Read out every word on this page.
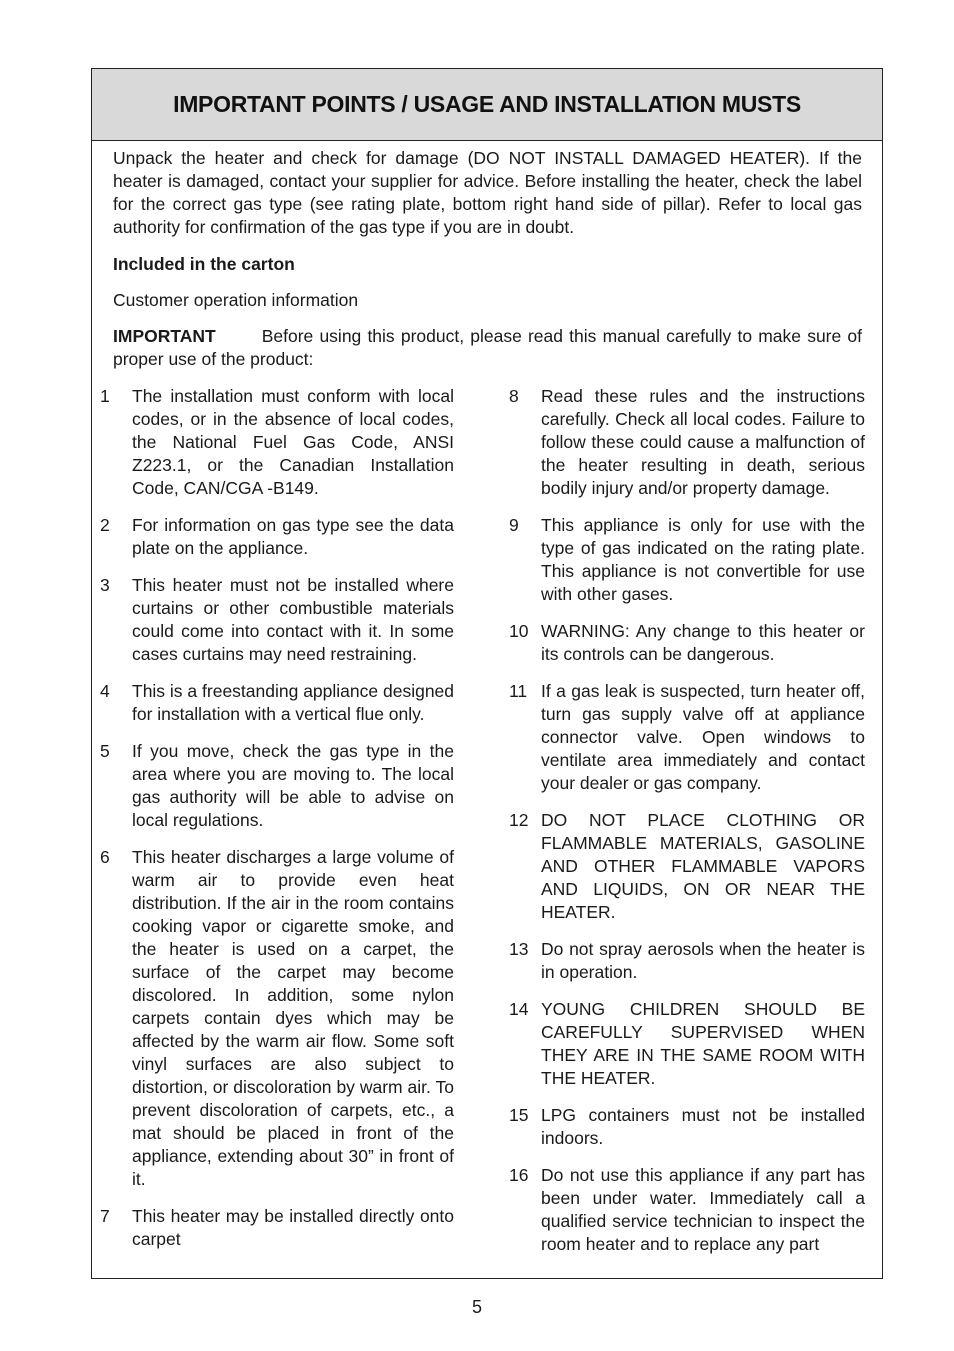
IMPORTANT POINTS / USAGE AND INSTALLATION MUSTS

Unpack the heater and check for damage (DO NOT INSTALL DAMAGED HEATER). If the heater is damaged, contact your supplier for advice. Before installing the heater, check the label for the correct gas type (see rating plate, bottom right hand side of pillar). Refer to local gas authority for confirmation of the gas type if you are in doubt.

Included in the carton

Customer operation information

IMPORTANT	Before using this product, please read this manual carefully to make sure of proper use of the product:

1	The installation must conform with local codes, or in the absence of local codes, the National Fuel Gas Code, ANSI Z223.1, or the Canadian Installation Code, CAN/CGA -B149.
2	For information on gas type see the data plate on the appliance.
3	This heater must not be installed where curtains or other combustible materials could come into contact with it. In some cases curtains may need restraining.
4	This is a freestanding appliance designed for installation with a vertical flue only.
5	If you move, check the gas type in the area where you are moving to. The local gas authority will be able to advise on local regulations.
6	This heater discharges a large volume of warm air to provide even heat distribution. If the air in the room contains cooking vapor or cigarette smoke, and the heater is used on a carpet, the surface of the carpet may become discolored. In addition, some nylon carpets contain dyes which may be affected by the warm air flow. Some soft vinyl surfaces are also subject to distortion, or discoloration by warm air. To prevent discoloration of carpets, etc., a mat should be placed in front of the appliance, extending about 30” in front of it.
7	This heater may be installed directly onto carpet
8	Read these rules and the instructions carefully. Check all local codes. Failure to follow these could cause a malfunction of the heater resulting in death, serious bodily injury and/or property damage.
9	This appliance is only for use with the type of gas indicated on the rating plate. This appliance is not convertible for use with other gases.
10 WARNING: Any change to this heater or its controls can be dangerous.
11 If a gas leak is suspected, turn heater off, turn gas supply valve off at appliance connector valve. Open windows to ventilate area immediately and contact your dealer or gas company.
12 DO NOT PLACE CLOTHING OR FLAMMABLE MATERIALS, GASOLINE AND OTHER FLAMMABLE VAPORS AND LIQUIDS, ON OR NEAR THE HEATER.
13 Do not spray aerosols when the heater is in operation.
14 YOUNG CHILDREN SHOULD BE CAREFULLY SUPERVISED WHEN THEY ARE IN THE SAME ROOM WITH THE HEATER.
15 LPG containers must not be installed indoors.
16 Do not use this appliance if any part has been under water. Immediately call a qualified service technician to inspect the room heater and to replace any part
5
